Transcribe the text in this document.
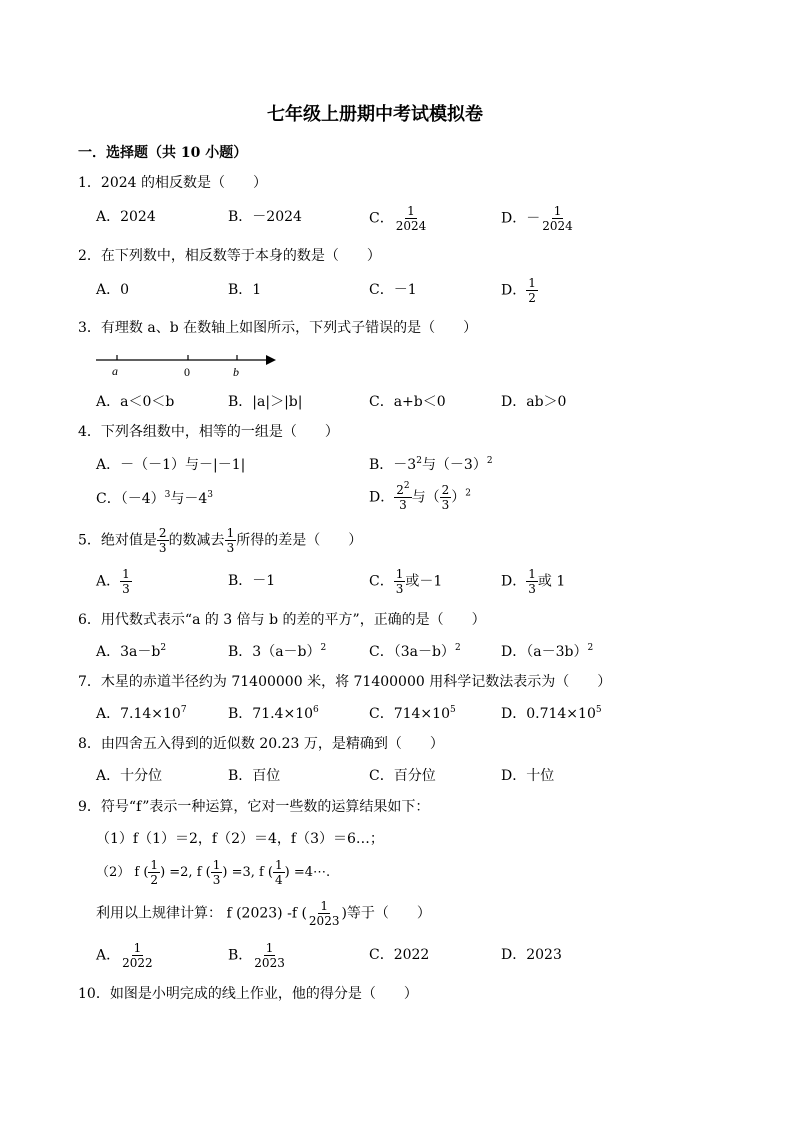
七年级上册期中考试模拟卷
一．选择题（共 10 小题）
1．2024 的相反数是（　　）
A．2024	B．－2024	C． $\frac{1}{2024}$	D．－ $\frac{1}{2024}$
2．在下列数中，相反数等于本身的数是（　　）
A．0	B．1	C．－1	D． $\frac{1}{2}$
3．有理数 a、b 在数轴上如图所示，下列式子错误的是（　　）
a	0	b
A．a＜0＜b	B．|a|＞|b|	C．a+b＜0	D．ab＞0
4．下列各组数中，相等的一组是（　　）
A．－（－1）与－|－1|	B．$-3^2$与$(-3)^2$
C．$(-4)^3$与$-4^3$	D． $\frac{2^2}{3}$ 与（ $\frac{2}{3} )^2$
5．绝对值是 $\frac{2}{3}$ 的数减去 $\frac{1}{3}$ 所得的差是（　　）
A． $\frac{1}{3}$	B．－1	C． $\frac{1}{3}$ 或－1	D． $\frac{1}{3}$ 或 1
6．用代数式表示“a 的 3 倍与 b 的差的平方”，正确的是（　　）
A．$3a-b^2$	B．$3(a-b)^2$	C．$(3a-b)^2$	D．$(a-3b)^2$
7．木星的赤道半径约为 71400000 米，将 71400000 用科学记数法表示为（　　）
A．$7.14\times 10^7$	B．$71.4\times 10^6$	C．$714\times 10^5$	D．$0.714\times 10^5$
8．由四舍五入得到的近似数 20.23 万，是精确到（　　）
A．十分位	B．百位	C．百分位	D．十位
9．符号“f”表示一种运算，它对一些数的运算结果如下：
（1）f（1）＝2，f（2）＝4，f（3）＝6…；
（2） f ( $\frac{1}{2}$ ) =2, f ( $\frac{1}{3}$ ) =3, f ( $\frac{1}{4}$ ) =4⋯.
利用以上规律计算： f (2023) -f ( $\frac{1}{2023}$ )等于（　　）
A． $\frac{1}{2022}$	B． $\frac{1}{2023}$	C．2022	D．2023
10．如图是小明完成的线上作业，他的得分是（　　）
